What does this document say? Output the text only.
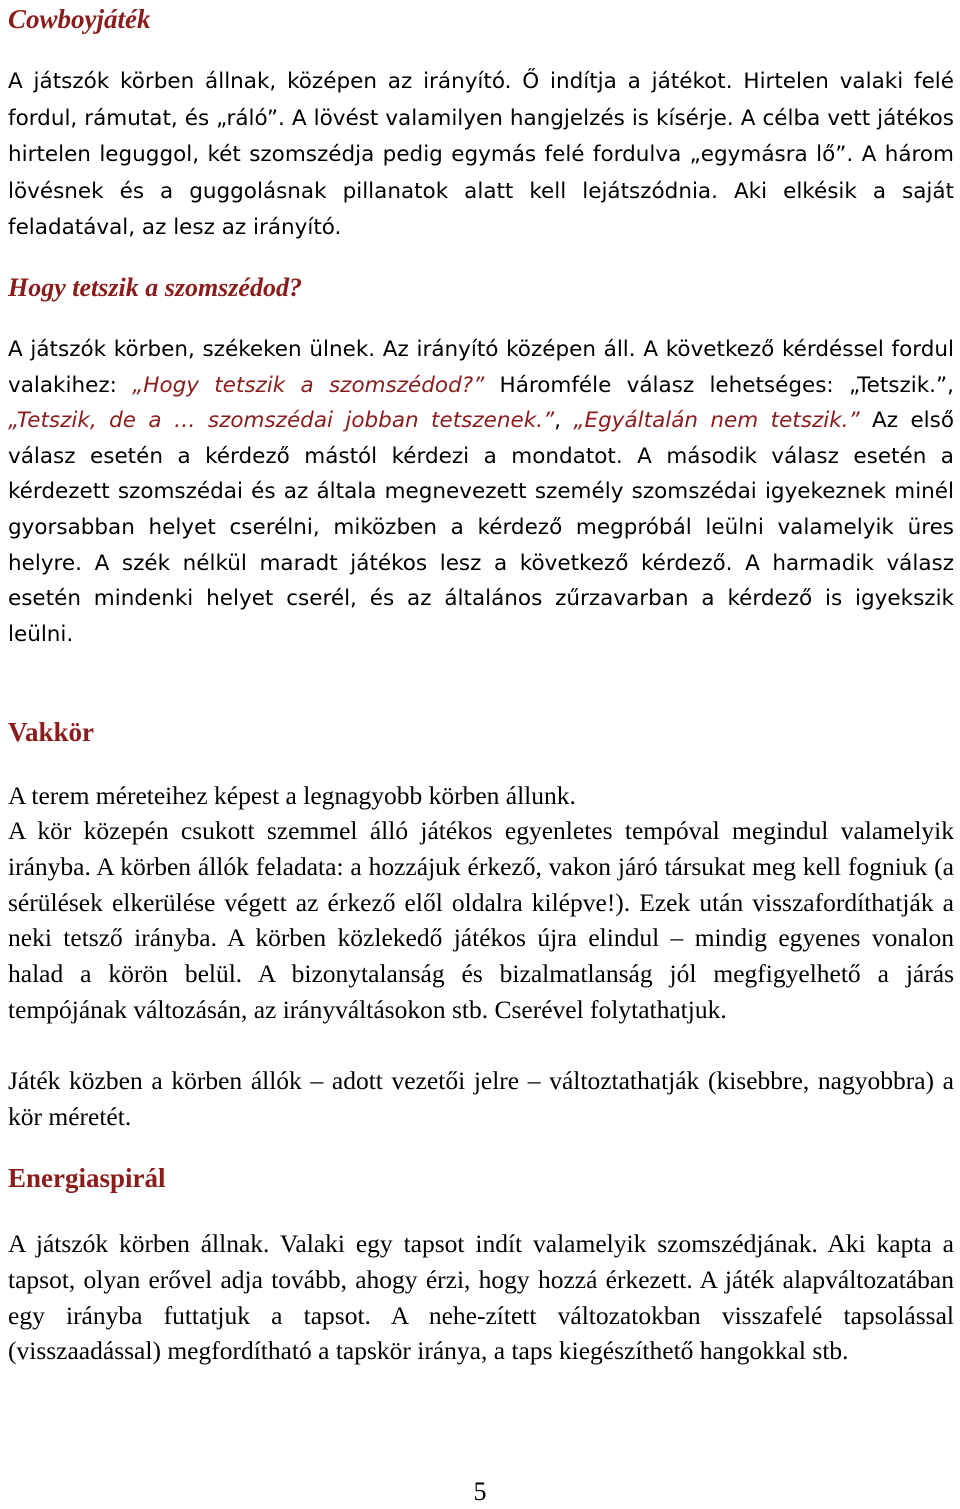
Cowboyjáték

A játszók körben állnak, középen az irányító. Ő indítja a játékot. Hirtelen valaki felé fordul, rámutat, és „ráló”. A lövést valamilyen hangjelzés is kísérje. A célba vett játékos hirtelen leguggol, két szomszédja pedig egymás felé fordulva „egymásra lő”. A három lövésnek és a guggolásnak pillanatok alatt kell lejátszódnia. Aki elkésik a saját feladatával, az lesz az irányító.

Hogy tetszik a szomszédod?

A játszók körben, székeken ülnek. Az irányító középen áll. A következő kérdéssel fordul valakihez: „Hogy tetszik a szomszédod?” Háromféle válasz lehetséges: „Tetszik.”, „Tetszik, de a … szomszédai jobban tetszenek.”, „Egyáltalán nem tetszik.” Az első válasz esetén a kérdező mástól kérdezi a mondatot. A második válasz esetén a kérdezett szomszédai és az általa megnevezett személy szomszédai igyekeznek minél gyorsabban helyet cserélni, miközben a kérdező megpróbál leülni valamelyik üres helyre. A szék nélkül maradt játékos lesz a következő kérdező. A harmadik válasz esetén mindenki helyet cserél, és az általános zűrzavarban a kérdező is igyekszik leülni.

Vakkör

A terem méreteihez képest a legnagyobb körben állunk.

A kör közepén csukott szemmel álló játékos egyenletes tempóval megindul valamelyik irányba. A körben állók feladata: a hozzájuk érkező, vakon járó társukat meg kell fogniuk (a sérülések elkerülése végett az érkező elől oldalra kilépve!). Ezek után visszafordíthatják a neki tetsző irányba. A körben közlekedő játékos újra elindul – mindig egyenes vonalon halad a körön belül. A bizonytalanság és bizalmatlanság jól megfigyelhető a járás tempójának változásán, az irányváltásokon stb. Cserével folytathatjuk.

Játék közben a körben állók – adott vezetői jelre – változtathatják (kisebbre, nagyobbra) a kör méretét.

Energiaspirál

A játszók körben állnak. Valaki egy tapsot indít valamelyik szomszédjának. Aki kapta a tapsot, olyan erővel adja tovább, ahogy érzi, hogy hozzá érkezett. A játék alapváltozatában egy irányba futtatjuk a tapsot. A nehe-zített változatokban visszafelé tapsolással (visszaadással) megfordítható a tapskör iránya, a taps kiegészíthető hangokkal stb.

5
